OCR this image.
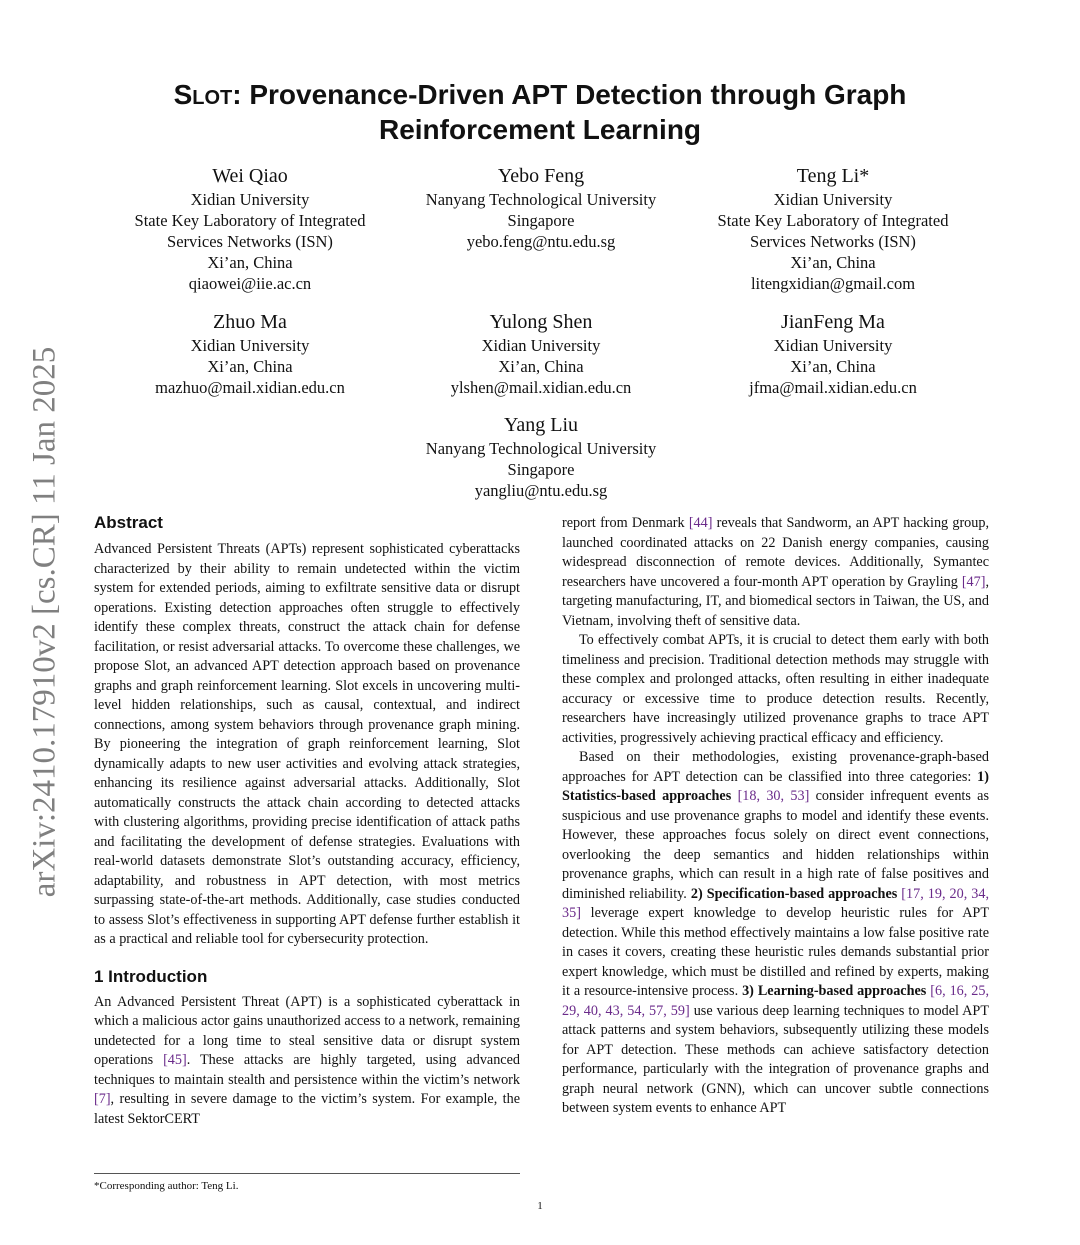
arXiv:2410.17910v2 [cs.CR] 11 Jan 2025
Slot: Provenance-Driven APT Detection through Graph
Reinforcement Learning
Wei Qiao
Xidian University
State Key Laboratory of Integrated
Services Networks (ISN)
Xi’an, China
qiaowei@iie.ac.cn
Yebo Feng
Nanyang Technological University
Singapore
yebo.feng@ntu.edu.sg
Teng Li*
Xidian University
State Key Laboratory of Integrated
Services Networks (ISN)
Xi’an, China
litengxidian@gmail.com
Zhuo Ma
Xidian University
Xi’an, China
mazhuo@mail.xidian.edu.cn
Yulong Shen
Xidian University
Xi’an, China
ylshen@mail.xidian.edu.cn
JianFeng Ma
Xidian University
Xi’an, China
jfma@mail.xidian.edu.cn
Yang Liu
Nanyang Technological University
Singapore
yangliu@ntu.edu.sg
Abstract

Advanced Persistent Threats (APTs) represent sophisticated cyberattacks characterized by their ability to remain undetected within the victim system for extended periods, aiming to exfiltrate sensitive data or disrupt operations. Existing detection approaches often struggle to effectively identify these complex threats, construct the attack chain for defense facilitation, or resist adversarial attacks. To overcome these challenges, we propose Slot, an advanced APT detection approach based on provenance graphs and graph reinforcement learning. Slot excels in uncovering multi-level hidden relationships, such as causal, contextual, and indirect connections, among system behaviors through provenance graph mining. By pioneering the integration of graph reinforcement learning, Slot dynamically adapts to new user activities and evolving attack strategies, enhancing its resilience against adversarial attacks. Additionally, Slot automatically constructs the attack chain according to detected attacks with clustering algorithms, providing precise identification of attack paths and facilitating the development of defense strategies. Evaluations with real-world datasets demonstrate Slot’s outstanding accuracy, efficiency, adaptability, and robustness in APT detection, with most metrics surpassing state-of-the-art methods. Additionally, case studies conducted to assess Slot’s effectiveness in supporting APT defense further establish it as a practical and reliable tool for cybersecurity protection.

1 Introduction

An Advanced Persistent Threat (APT) is a sophisticated cyberattack in which a malicious actor gains unauthorized access to a network, remaining undetected for a long time to steal sensitive data or disrupt system operations [45]. These attacks are highly targeted, using advanced techniques to maintain stealth and persistence within the victim’s network [7], resulting in severe damage to the victim’s system. For example, the latest SektorCERT

report from Denmark [44] reveals that Sandworm, an APT hacking group, launched coordinated attacks on 22 Danish energy companies, causing widespread disconnection of remote devices. Additionally, Symantec researchers have uncovered a four-month APT operation by Grayling [47], targeting manufacturing, IT, and biomedical sectors in Taiwan, the US, and Vietnam, involving theft of sensitive data.

To effectively combat APTs, it is crucial to detect them early with both timeliness and precision. Traditional detection methods may struggle with these complex and prolonged attacks, often resulting in either inadequate accuracy or excessive time to produce detection results. Recently, researchers have increasingly utilized provenance graphs to trace APT activities, progressively achieving practical efficacy and efficiency.

Based on their methodologies, existing provenance-graph-based approaches for APT detection can be classified into three categories: 1) Statistics-based approaches [18, 30, 53] consider infrequent events as suspicious and use provenance graphs to model and identify these events. However, these approaches focus solely on direct event connections, overlooking the deep semantics and hidden relationships within provenance graphs, which can result in a high rate of false positives and diminished reliability. 2) Specification-based approaches [17, 19, 20, 34, 35] leverage expert knowledge to develop heuristic rules for APT detection. While this method effectively maintains a low false positive rate in cases it covers, creating these heuristic rules demands substantial prior expert knowledge, which must be distilled and refined by experts, making it a resource-intensive process. 3) Learning-based approaches [6, 16, 25, 29, 40, 43, 54, 57, 59] use various deep learning techniques to model APT attack patterns and system behaviors, subsequently utilizing these models for APT detection. These methods can achieve satisfactory detection performance, particularly with the integration of provenance graphs and graph neural network (GNN), which can uncover subtle connections between system events to enhance APT

*Corresponding author: Teng Li.
1
